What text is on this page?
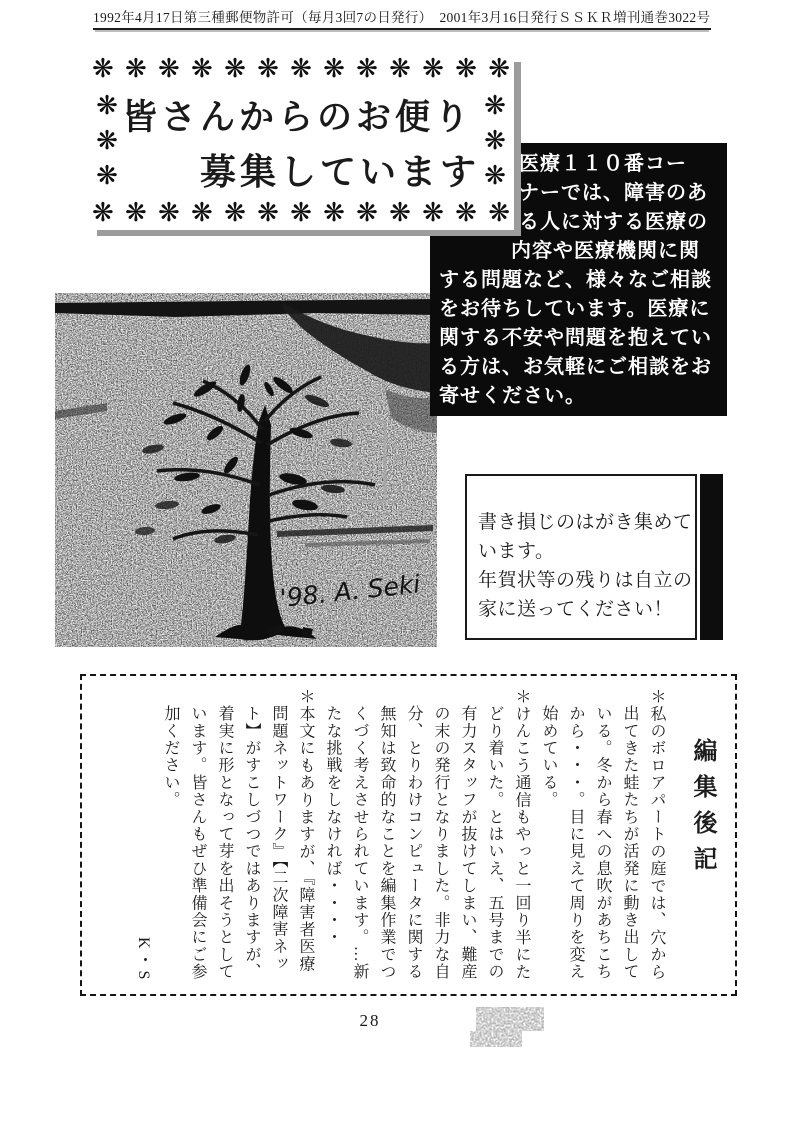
1992年4月17日第三種郵便物許可（毎月3回7の日発行）　2001年3月16日発行ＳＳＫＲ増刊通巻3022号
❋ ❋ ❋ ❋ ❋ ❋ ❋ ❋ ❋ ❋ ❋ ❋ ❋
❋
❋
❋
❋
❋
❋
❋ ❋ ❋ ❋ ❋ ❋ ❋ ❋ ❋ ❋ ❋ ❋ ❋
皆さんからのお便り
募集しています	医療１１０番コー
ナーでは、障害のあ
る人に対する医療の
内容や医療機関に関
する問題など、様々なご相談
をお待ちしています。医療に
関する不安や問題を抱えてい
る方は、お気軽にご相談をお
寄せください。
'98. A. Seki
書き損じのはがき集めて
います。
年賀状等の残りは自立の
家に送ってください！
編集後記

＊私のボロアパートの庭では、穴から出てきた蛙たちが活発に動き出している。冬から春への息吹があちこちから・・・。目に見えて周りを変え始めている。

＊けんこう通信もやっと一回り半にたどり着いた。とはいえ、五号までの有力スタッフが抜けてしまい、難産の末の発行となりました。非力な自分、とりわけコンピュータに関する無知は致命的なことを編集作業でつくづく考えさせられています。…新たな挑戦をしなければ・・・・

＊本文にもありますが、『障害者医療問題ネットワーク』【二次障害ネット】がすこしづつではありますが、着実に形となって芽を出そうとしています。皆さんもぜひ準備会にご参加ください。

K・S

28
